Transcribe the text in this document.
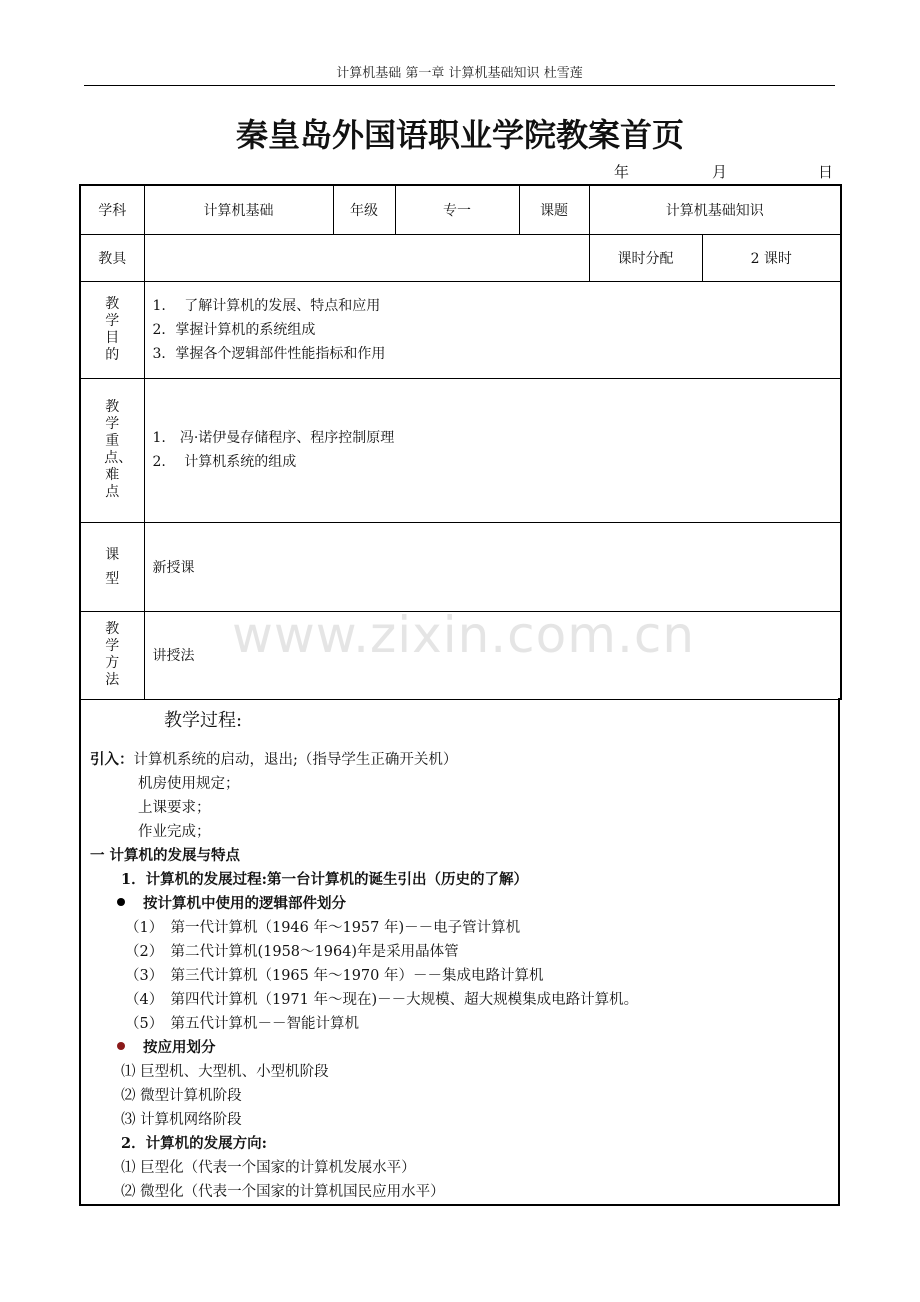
计算机基础 第一章 计算机基础知识 杜雪莲
秦皇岛外国语职业学院教案首页
年	月	日
学科	计算机基础	年级	专一	课题	计算机基础知识	
教具					课时分配	2 课时

教学目的	1.　 了解计算机的发展、特点和应用
2．掌握计算机的系统组成
3．掌握各个逻辑部件性能指标和作用					

教学重点、难点	1.　冯·诺伊曼存储程序、程序控制原理
2.　 计算机系统的组成					

课型	新授课					

教学方法	讲授法					
教学过程:
引入：计算机系统的启动，退出;（指导学生正确开关机）
机房使用规定；
上课要求；
作业完成；
一 计算机的发展与特点
1．计算机的发展过程:第一台计算机的诞生引出（历史的了解）
按计算机中使用的逻辑部件划分
（1）　第一代计算机（1946 年～1957 年)－－电子管计算机
（2）　第二代计算机(1958～1964)年是采用晶体管
（3）　第三代计算机（1965 年～1970 年）－－集成电路计算机
（4）　第四代计算机（1971 年～现在)－－大规模、超大规模集成电路计算机。
（5）　第五代计算机－－智能计算机
按应用划分
⑴ 巨型机、大型机、小型机阶段
⑵ 微型计算机阶段
⑶ 计算机网络阶段
2．计算机的发展方向:
⑴ 巨型化（代表一个国家的计算机发展水平）
⑵ 微型化（代表一个国家的计算机国民应用水平）
www.zixin.com.cn
